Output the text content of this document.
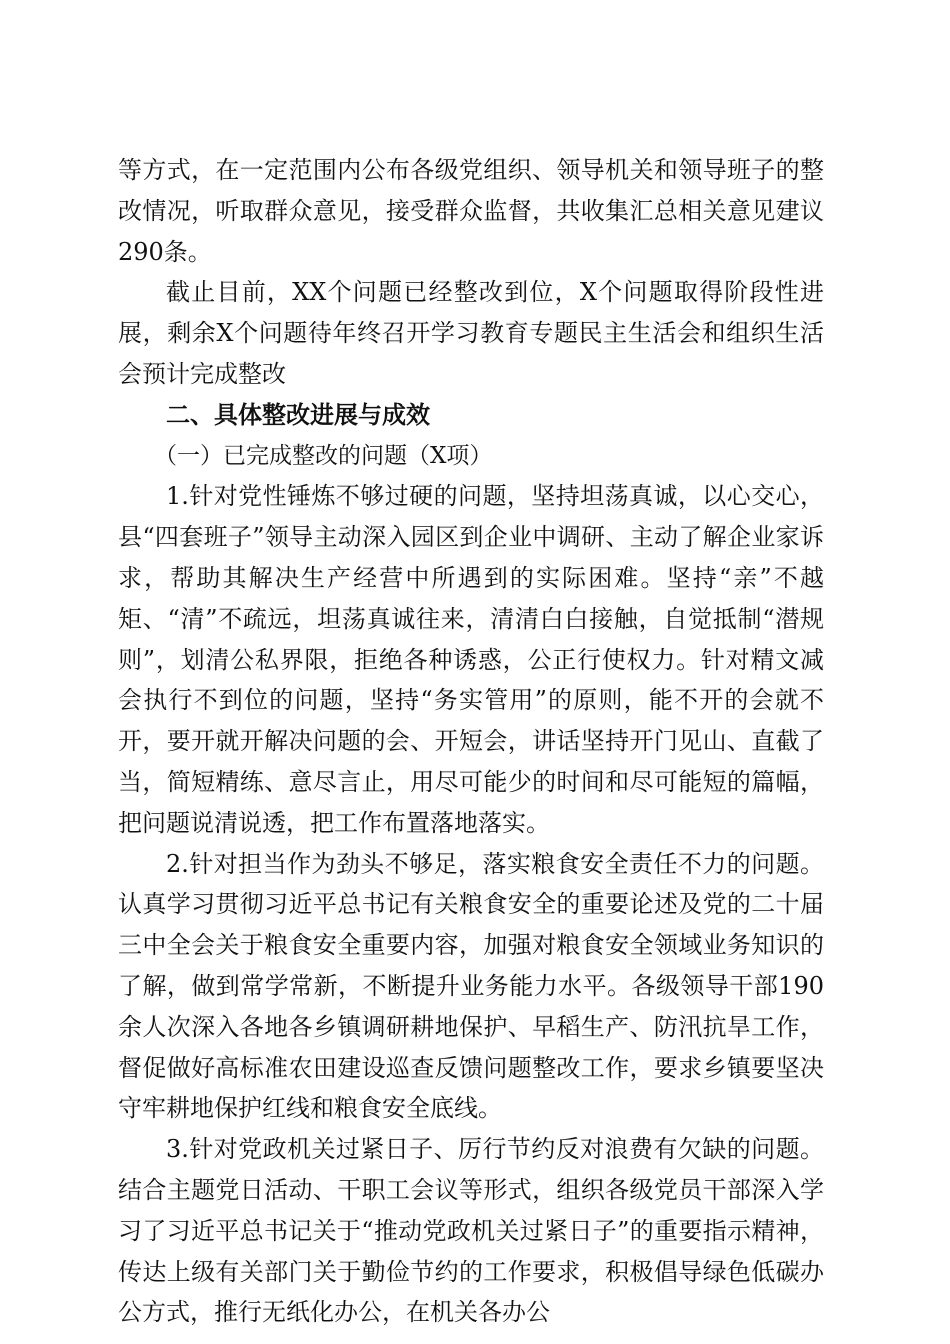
等方式，在一定范围内公布各级党组织、领导机关和领导班子的整改情况，听取群众意见，接受群众监督，共收集汇总相关意见建议290条。

截止目前，XX个问题已经整改到位，X个问题取得阶段性进展，剩余X个问题待年终召开学习教育专题民主生活会和组织生活会预计完成整改

二、具体整改进展与成效

（一）已完成整改的问题（X项）

1.针对党性锤炼不够过硬的问题，坚持坦荡真诚，以心交心，县“四套班子”领导主动深入园区到企业中调研、主动了解企业家诉求，帮助其解决生产经营中所遇到的实际困难。坚持“亲”不越矩、“清”不疏远，坦荡真诚往来，清清白白接触，自觉抵制“潜规则”，划清公私界限，拒绝各种诱惑，公正行使权力。针对精文减会执行不到位的问题，坚持“务实管用”的原则，能不开的会就不开，要开就开解决问题的会、开短会，讲话坚持开门见山、直截了当，简短精练、意尽言止，用尽可能少的时间和尽可能短的篇幅，把问题说清说透，把工作布置落地落实。

2.针对担当作为劲头不够足，落实粮食安全责任不力的问题。认真学习贯彻习近平总书记有关粮食安全的重要论述及党的二十届三中全会关于粮食安全重要内容，加强对粮食安全领域业务知识的了解，做到常学常新，不断提升业务能力水平。各级领导干部190余人次深入各地各乡镇调研耕地保护、早稻生产、防汛抗旱工作，督促做好高标准农田建设巡查反馈问题整改工作，要求乡镇要坚决守牢耕地保护红线和粮食安全底线。

3.针对党政机关过紧日子、厉行节约反对浪费有欠缺的问题。结合主题党日活动、干职工会议等形式，组织各级党员干部深入学习了习近平总书记关于“推动党政机关过紧日子”的重要指示精神，传达上级有关部门关于勤俭节约的工作要求，积极倡导绿色低碳办公方式，推行无纸化办公，在机关各办公
